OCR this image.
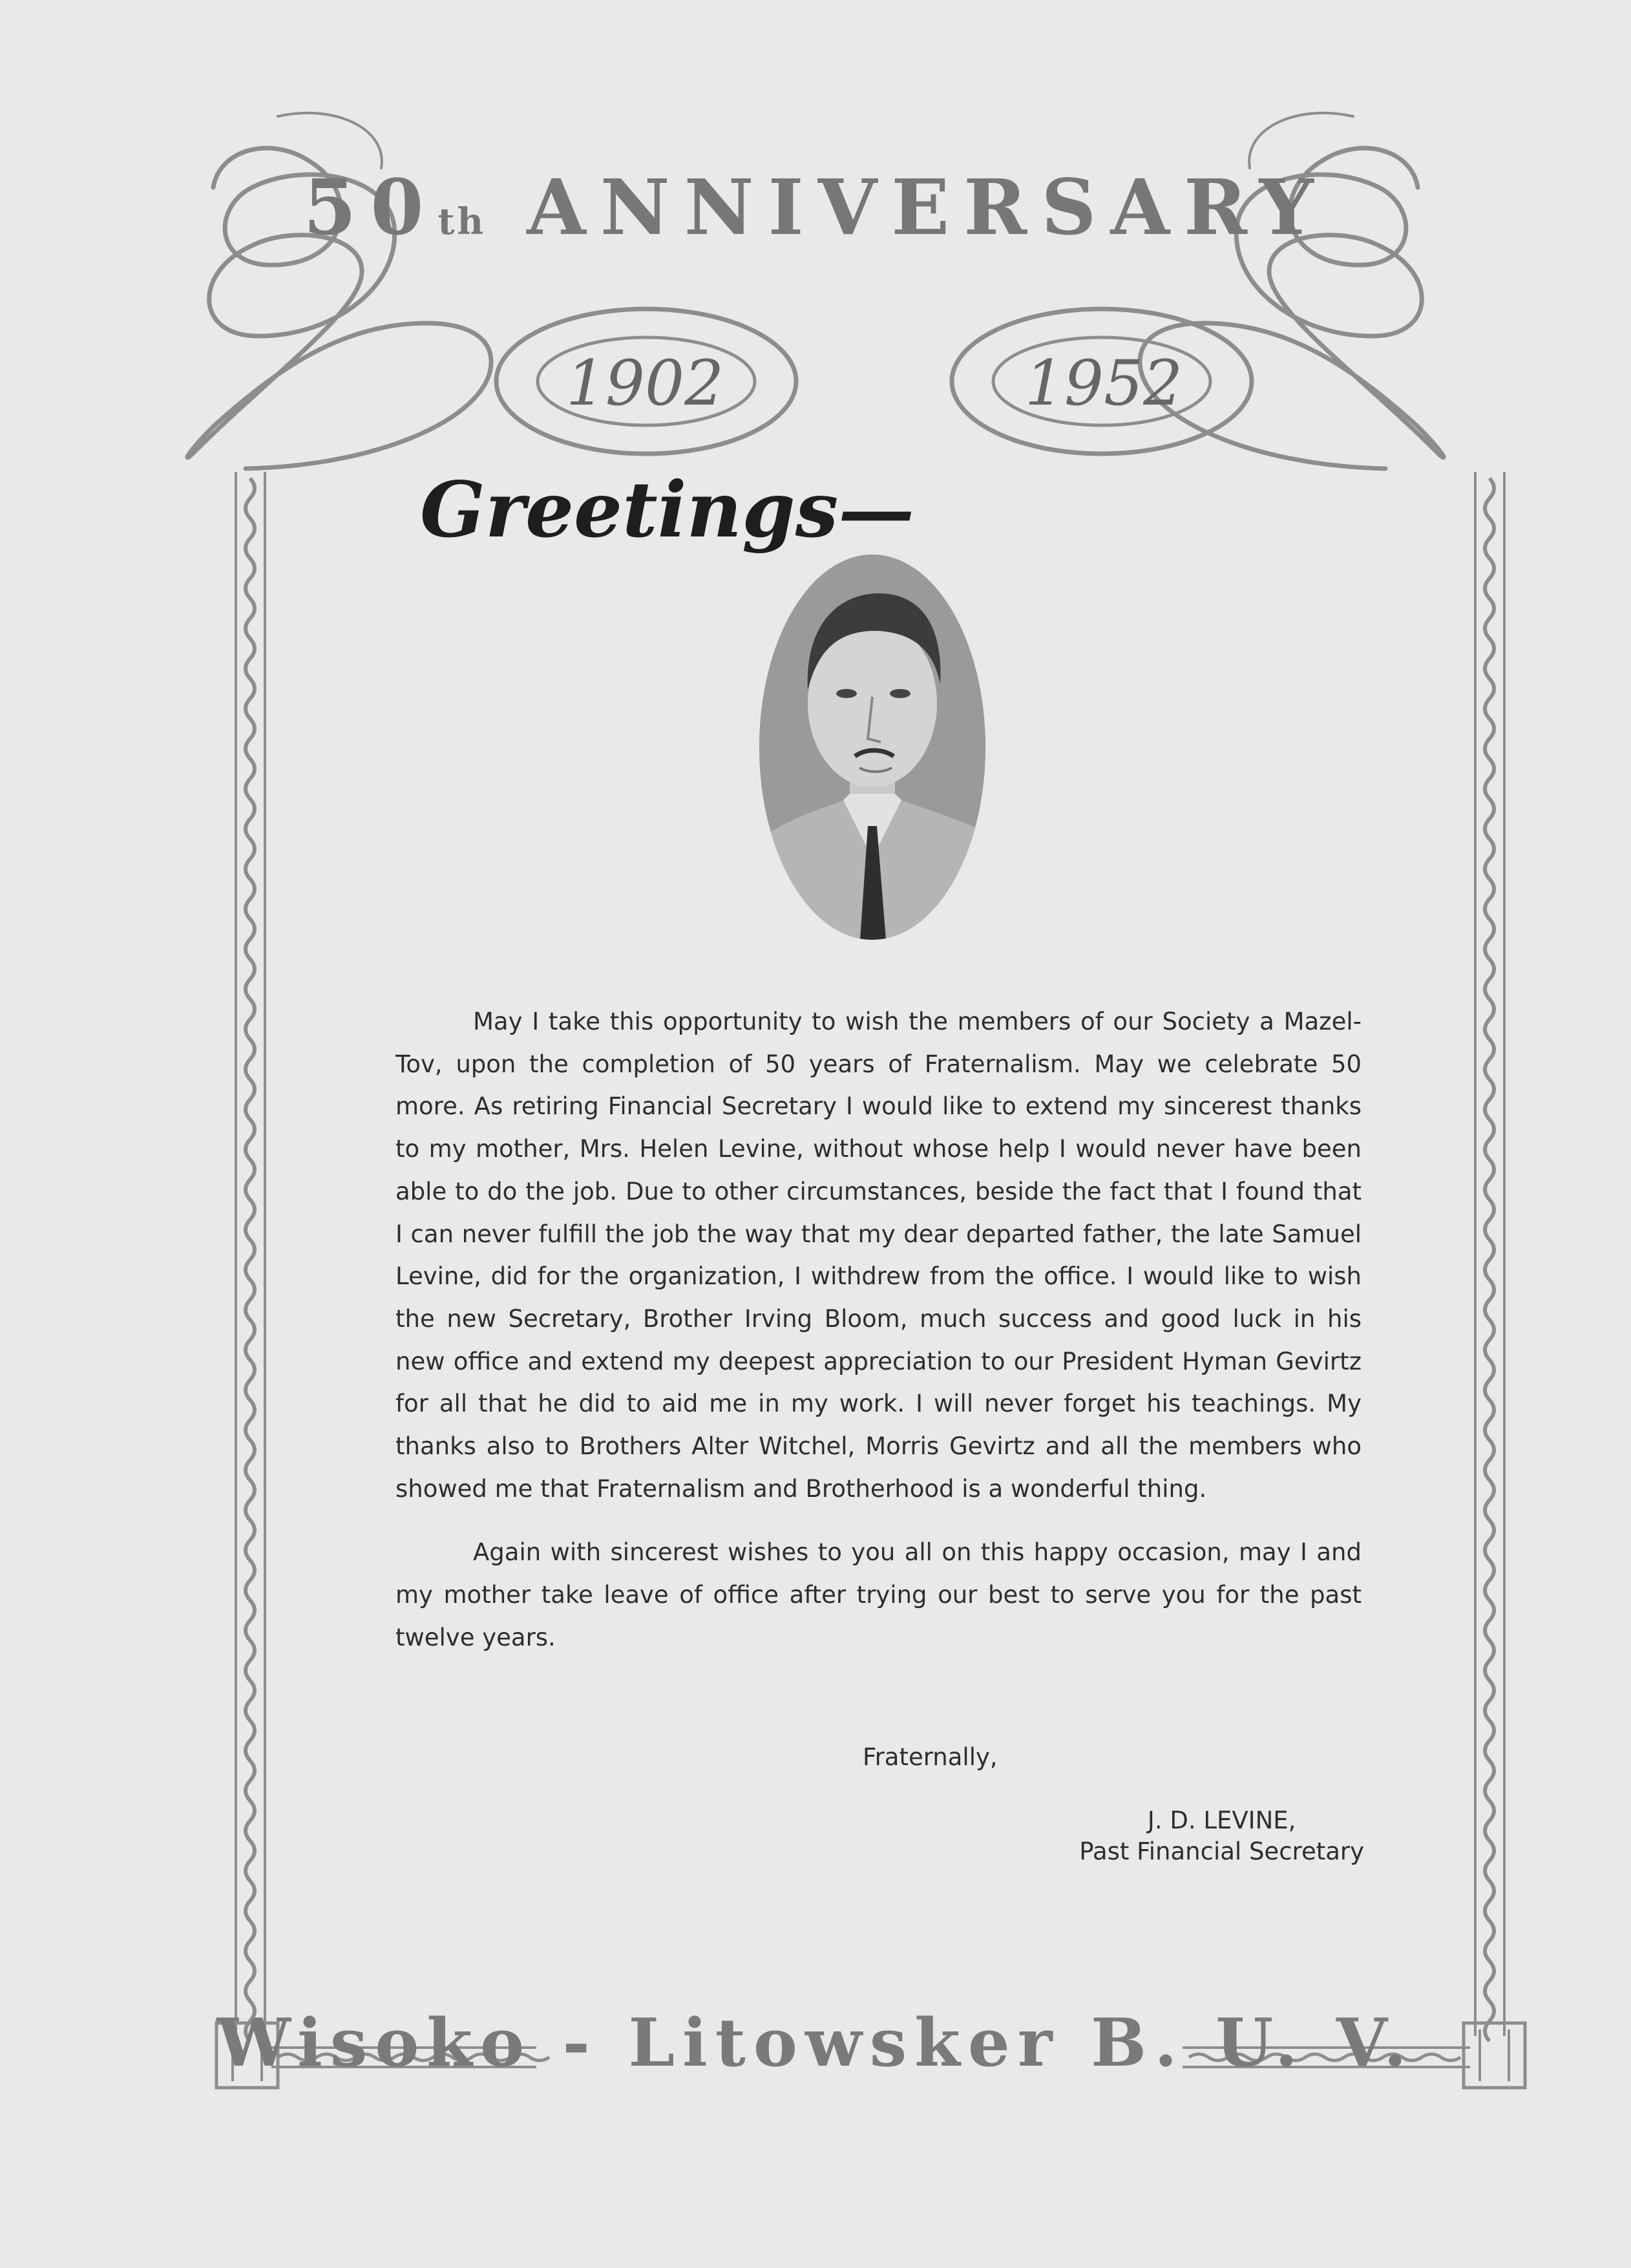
50th ANNIVERSARY
1902	1952
Greetings—

May I take this opportunity to wish the members of our Society a Mazel-Tov, upon the completion of 50 years of Fraternalism. May we celebrate 50 more. As retiring Financial Secretary I would like to extend my sincerest thanks to my mother, Mrs. Helen Levine, without whose help I would never have been able to do the job. Due to other circumstances, beside the fact that I found that I can never fulfill the job the way that my dear departed father, the late Samuel Levine, did for the organization, I withdrew from the office. I would like to wish the new Secretary, Brother Irving Bloom, much success and good luck in his new office and extend my deepest appreciation to our President Hyman Gevirtz for all that he did to aid me in my work. I will never forget his teachings. My thanks also to Brothers Alter Witchel, Morris Gevirtz and all the members who showed me that Fraternalism and Brotherhood is a wonderful thing.

Again with sincerest wishes to you all on this happy occasion, may I and my mother take leave of office after trying our best to serve you for the past twelve years.

Fraternally,
J. D. LEVINE,
Past Financial Secretary
Wisoko - Litowsker B. U. V.
